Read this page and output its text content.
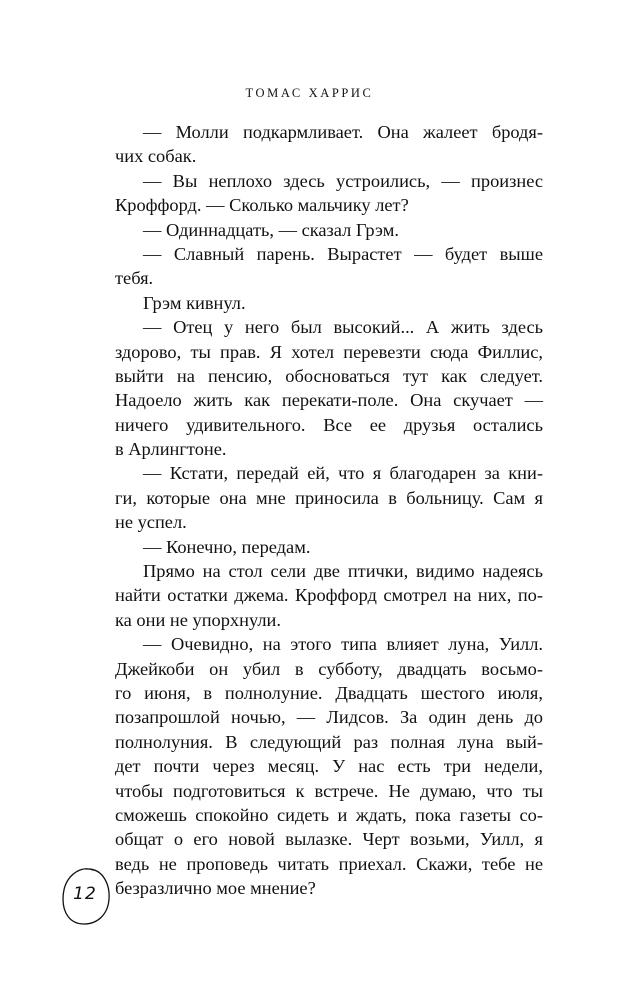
ТОМАС ХАРРИС
— Молли подкармливает. Она жалеет бродя-
чих собак.
— Вы неплохо здесь устроились, — произнес
Кроффорд. — Сколько мальчику лет?
— Одиннадцать, — сказал Грэм.
— Славный парень. Вырастет — будет выше
тебя.
Грэм кивнул.
— Отец у него был высокий... А жить здесь
здорово, ты прав. Я хотел перевезти сюда Филлис,
выйти на пенсию, обосноваться тут как следует.
Надоело жить как перекати-поле. Она скучает —
ничего удивительного. Все ее друзья остались
в Арлингтоне.
— Кстати, передай ей, что я благодарен за кни-
ги, которые она мне приносила в больницу. Сам я
не успел.
— Конечно, передам.
Прямо на стол сели две птички, видимо надеясь
найти остатки джема. Кроффорд смотрел на них, по-
ка они не упорхнули.
— Очевидно, на этого типа влияет луна, Уилл.
Джейкоби он убил в субботу, двадцать восьмо-
го июня, в полнолуние. Двадцать шестого июля,
позапрошлой ночью, — Лидсов. За один день до
полнолуния. В следующий раз полная луна вый-
дет почти через месяц. У нас есть три недели,
чтобы подготовиться к встрече. Не думаю, что ты
сможешь спокойно сидеть и ждать, пока газеты со-
общат о его новой вылазке. Черт возьми, Уилл, я
ведь не проповедь читать приехал. Скажи, тебе не
безразлично мое мнение?
12
